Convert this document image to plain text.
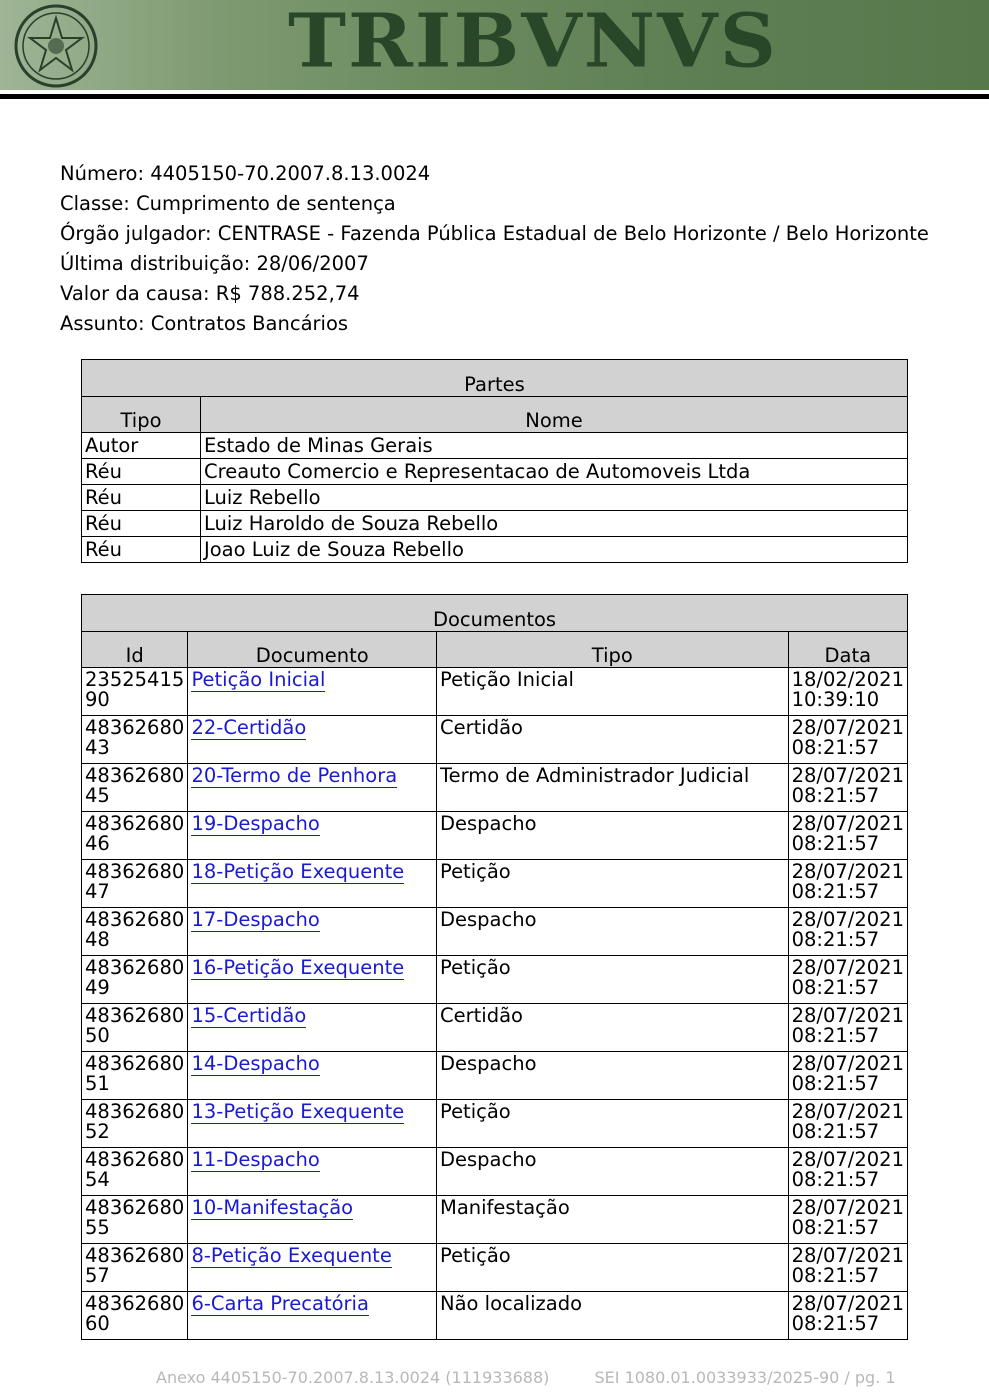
TRIBVNVS
Número: 4405150-70.2007.8.13.0024
Classe: Cumprimento de sentença
Órgão julgador: CENTRASE - Fazenda Pública Estadual de Belo Horizonte / Belo Horizonte
Última distribuição: 28/06/2007
Valor da causa: R$ 788.252,74
Assunto: Contratos Bancários
Partes	
Tipo	Nome
Autor	Estado de Minas Gerais
Réu	Creauto Comercio e Representacao de Automoveis Ltda
Réu	Luiz Rebello
Réu	Luiz Haroldo de Souza Rebello
Réu	Joao Luiz de Souza Rebello
Documentos			
Id	Documento	Tipo	Data
2352541590	Petição Inicial	Petição Inicial	18/02/2021 10:39:10
4836268043	22-Certidão	Certidão	28/07/2021 08:21:57
4836268045	20-Termo de Penhora	Termo de Administrador Judicial	28/07/2021 08:21:57
4836268046	19-Despacho	Despacho	28/07/2021 08:21:57
4836268047	18-Petição Exequente	Petição	28/07/2021 08:21:57
4836268048	17-Despacho	Despacho	28/07/2021 08:21:57
4836268049	16-Petição Exequente	Petição	28/07/2021 08:21:57
4836268050	15-Certidão	Certidão	28/07/2021 08:21:57
4836268051	14-Despacho	Despacho	28/07/2021 08:21:57
4836268052	13-Petição Exequente	Petição	28/07/2021 08:21:57
4836268054	11-Despacho	Despacho	28/07/2021 08:21:57
4836268055	10-Manifestação	Manifestação	28/07/2021 08:21:57
4836268057	8-Petição Exequente	Petição	28/07/2021 08:21:57
4836268060	6-Carta Precatória	Não localizado	28/07/2021 08:21:57
Anexo 4405150-70.2007.8.13.0024 (111933688)	SEI 1080.01.0033933/2025-90 / pg. 1
